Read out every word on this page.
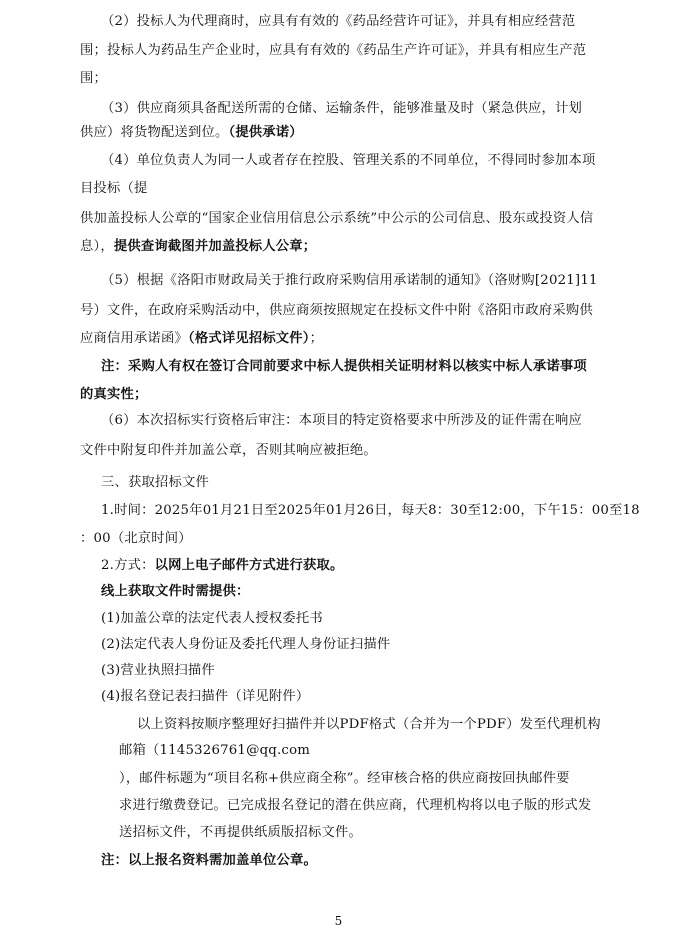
（2）投标人为代理商时，应具有有效的《药品经营许可证》，并具有相应经营范
围；投标人为药品生产企业时，应具有有效的《药品生产许可证》，并具有相应生产范
围；
（3）供应商须具备配送所需的仓储、运输条件，能够准量及时（紧急供应，计划
供应）将货物配送到位。（提供承诺）
（4）单位负责人为同一人或者存在控股、管理关系的不同单位，不得同时参加本项
目投标（提
供加盖投标人公章的“国家企业信用信息公示系统”中公示的公司信息、股东或投资人信
息），提供查询截图并加盖投标人公章；
（5）根据《洛阳市财政局关于推行政府采购信用承诺制的通知》（洛财购[2021]11
号）文件，在政府采购活动中，供应商须按照规定在投标文件中附《洛阳市政府采购供
应商信用承诺函》（格式详见招标文件）；
注：采购人有权在签订合同前要求中标人提供相关证明材料以核实中标人承诺事项
的真实性；
（6）本次招标实行资格后审注：本项目的特定资格要求中所涉及的证件需在响应
文件中附复印件并加盖公章，否则其响应被拒绝。
三、获取招标文件
1.时间：2025年01月21日至2025年01月26日，每天8：30至12:00，下午15：00至18
：00（北京时间）
2.方式：以网上电子邮件方式进行获取。
线上获取文件时需提供：
(1)加盖公章的法定代表人授权委托书
(2)法定代表人身份证及委托代理人身份证扫描件
(3)营业执照扫描件
(4)报名登记表扫描件（详见附件）
以上资料按顺序整理好扫描件并以PDF格式（合并为一个PDF）发至代理机构
邮箱（1145326761@qq.com
），邮件标题为“项目名称+供应商全称”。经审核合格的供应商按回执邮件要
求进行缴费登记。已完成报名登记的潜在供应商，代理机构将以电子版的形式发
送招标文件，不再提供纸质版招标文件。
注：以上报名资料需加盖单位公章。
5
